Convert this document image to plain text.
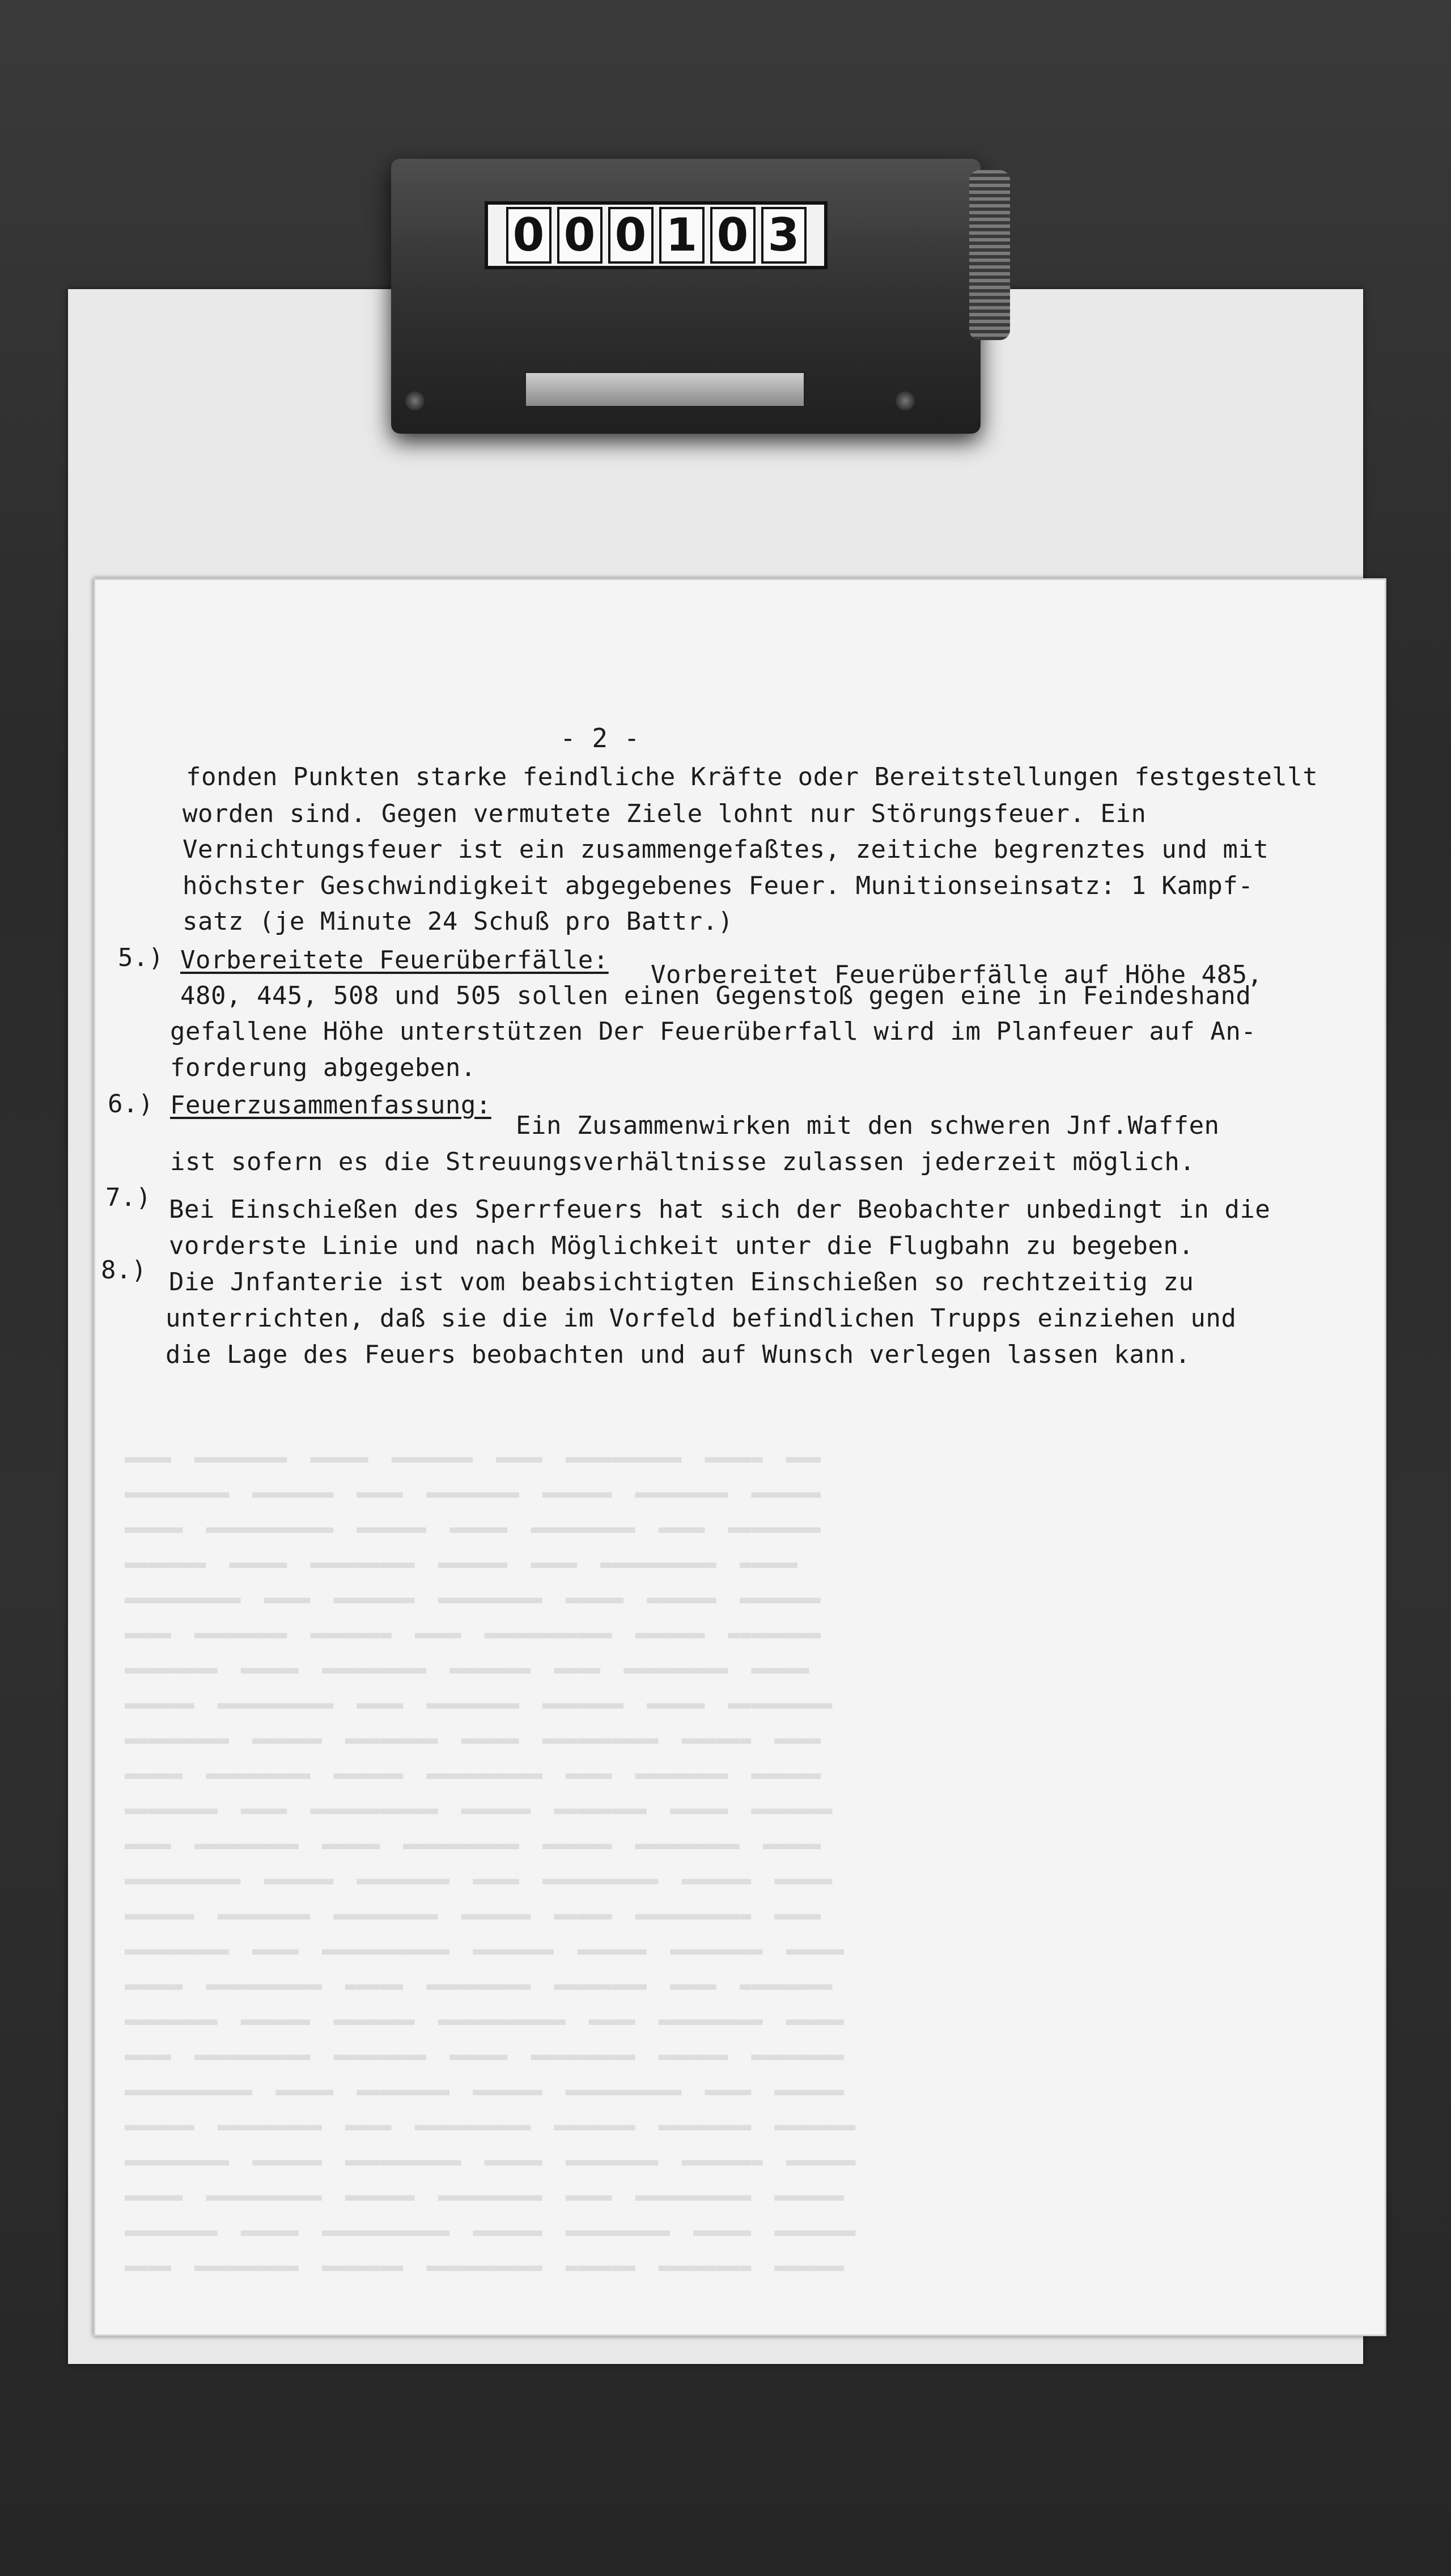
▬▬▬▬  ▬▬▬▬▬▬▬▬  ▬▬▬▬▬  ▬▬▬▬▬▬▬  ▬▬▬▬  ▬▬▬▬▬▬▬▬▬▬  ▬▬▬▬▬  ▬▬▬
▬▬▬▬▬▬▬▬▬  ▬▬▬▬▬▬▬  ▬▬▬▬  ▬▬▬▬▬▬▬▬  ▬▬▬▬▬▬  ▬▬▬▬▬▬▬▬  ▬▬▬▬▬▬
▬▬▬▬▬  ▬▬▬▬▬▬▬▬▬▬▬  ▬▬▬▬▬▬  ▬▬▬▬▬  ▬▬▬▬▬▬▬▬▬  ▬▬▬▬  ▬▬▬▬▬▬▬▬
▬▬▬▬▬▬▬  ▬▬▬▬▬  ▬▬▬▬▬▬▬▬▬  ▬▬▬▬▬▬  ▬▬▬▬  ▬▬▬▬▬▬▬▬▬▬  ▬▬▬▬▬
▬▬▬▬▬▬▬▬▬▬  ▬▬▬▬  ▬▬▬▬▬▬▬  ▬▬▬▬▬▬▬▬▬  ▬▬▬▬▬  ▬▬▬▬▬▬  ▬▬▬▬▬▬▬
▬▬▬▬  ▬▬▬▬▬▬▬▬  ▬▬▬▬▬▬▬  ▬▬▬▬  ▬▬▬▬▬▬▬▬▬▬▬  ▬▬▬▬▬▬  ▬▬▬▬▬▬▬▬
▬▬▬▬▬▬▬▬  ▬▬▬▬▬  ▬▬▬▬▬▬▬▬▬  ▬▬▬▬▬▬▬  ▬▬▬▬  ▬▬▬▬▬▬▬▬▬  ▬▬▬▬▬
▬▬▬▬▬▬  ▬▬▬▬▬▬▬▬▬▬  ▬▬▬▬  ▬▬▬▬▬▬▬▬  ▬▬▬▬▬▬▬  ▬▬▬▬▬  ▬▬▬▬▬▬▬▬▬
▬▬▬▬▬▬▬▬▬  ▬▬▬▬▬▬  ▬▬▬▬▬▬▬▬  ▬▬▬▬▬  ▬▬▬▬▬▬▬▬▬▬  ▬▬▬▬▬▬  ▬▬▬▬
▬▬▬▬▬  ▬▬▬▬▬▬▬▬▬  ▬▬▬▬▬▬  ▬▬▬▬▬▬▬▬▬▬  ▬▬▬▬  ▬▬▬▬▬▬▬▬  ▬▬▬▬▬▬
▬▬▬▬▬▬▬▬  ▬▬▬▬  ▬▬▬▬▬▬▬▬▬▬▬  ▬▬▬▬▬▬  ▬▬▬▬▬▬▬▬  ▬▬▬▬▬  ▬▬▬▬▬▬▬
▬▬▬▬  ▬▬▬▬▬▬▬▬▬  ▬▬▬▬▬  ▬▬▬▬▬▬▬▬▬▬  ▬▬▬▬▬▬  ▬▬▬▬▬▬▬▬▬  ▬▬▬▬▬
▬▬▬▬▬▬▬▬▬▬  ▬▬▬▬▬▬  ▬▬▬▬▬▬▬▬  ▬▬▬▬  ▬▬▬▬▬▬▬▬▬▬  ▬▬▬▬▬▬  ▬▬▬▬▬
▬▬▬▬▬▬  ▬▬▬▬▬▬▬▬  ▬▬▬▬▬▬▬▬▬  ▬▬▬▬▬▬  ▬▬▬▬▬  ▬▬▬▬▬▬▬▬▬▬  ▬▬▬▬
▬▬▬▬▬▬▬▬▬  ▬▬▬▬  ▬▬▬▬▬▬▬▬▬▬▬  ▬▬▬▬▬▬▬  ▬▬▬▬▬▬  ▬▬▬▬▬▬▬▬  ▬▬▬▬▬
▬▬▬▬▬  ▬▬▬▬▬▬▬▬▬▬  ▬▬▬▬▬  ▬▬▬▬▬▬▬▬▬  ▬▬▬▬▬▬▬▬  ▬▬▬▬  ▬▬▬▬▬▬▬▬
▬▬▬▬▬▬▬▬  ▬▬▬▬▬▬  ▬▬▬▬▬▬▬  ▬▬▬▬▬▬▬▬▬▬▬  ▬▬▬▬  ▬▬▬▬▬▬▬▬▬  ▬▬▬▬▬
▬▬▬▬  ▬▬▬▬▬▬▬▬▬▬  ▬▬▬▬▬▬▬▬  ▬▬▬▬▬  ▬▬▬▬▬▬▬▬▬  ▬▬▬▬▬▬  ▬▬▬▬▬▬▬▬
▬▬▬▬▬▬▬▬▬▬▬  ▬▬▬▬▬  ▬▬▬▬▬▬▬▬  ▬▬▬▬▬▬  ▬▬▬▬▬▬▬▬▬▬  ▬▬▬▬  ▬▬▬▬▬▬
▬▬▬▬▬▬  ▬▬▬▬▬▬▬▬▬  ▬▬▬▬  ▬▬▬▬▬▬▬▬▬▬  ▬▬▬▬▬▬▬  ▬▬▬▬▬▬▬▬  ▬▬▬▬▬▬▬
▬▬▬▬▬▬▬▬▬  ▬▬▬▬▬▬  ▬▬▬▬▬▬▬▬▬▬  ▬▬▬▬▬  ▬▬▬▬▬▬▬▬  ▬▬▬▬▬▬▬  ▬▬▬▬▬▬
▬▬▬▬▬  ▬▬▬▬▬▬▬▬▬▬  ▬▬▬▬▬▬  ▬▬▬▬▬▬▬▬▬  ▬▬▬▬  ▬▬▬▬▬▬▬▬▬▬  ▬▬▬▬▬▬
▬▬▬▬▬▬▬▬  ▬▬▬▬▬  ▬▬▬▬▬▬▬▬▬▬▬  ▬▬▬▬▬▬  ▬▬▬▬▬▬▬▬▬  ▬▬▬▬▬  ▬▬▬▬▬▬▬
▬▬▬▬  ▬▬▬▬▬▬▬▬▬  ▬▬▬▬▬▬▬  ▬▬▬▬▬▬▬▬▬▬  ▬▬▬▬▬▬  ▬▬▬▬▬▬▬▬  ▬▬▬▬▬▬

0 0 0 1 0 3
- 2 -
fonden Punkten starke feindliche Kräfte oder Bereitstellungen festgestellt
worden sind. Gegen vermutete Ziele lohnt nur Störungsfeuer. Ein
Vernichtungsfeuer ist ein zusammengefaßtes, zeitiche begrenztes und mit
höchster Geschwindigkeit abgegebenes Feuer. Munitionseinsatz: 1 Kampf-
satz (je Minute 24 Schuß pro Battr.)
5.) Vorbereitete Feuerüberfälle:
Vorbereitet Feuerüberfälle auf Höhe 485,
480, 445, 508 und 505 sollen einen Gegenstoß gegen eine in Feindeshand
gefallene Höhe unterstützen Der Feuerüberfall wird im Planfeuer auf An-
forderung abgegeben.
6.) Feuerzusammenfassung:
Ein Zusammenwirken mit den schweren Jnf.Waffen
ist sofern es die Streuungsverhältnisse zulassen jederzeit möglich.
7.) Bei Einschießen des Sperrfeuers hat sich der Beobachter unbedingt in die
vorderste Linie und nach Möglichkeit unter die Flugbahn zu begeben.
8.) Die Jnfanterie ist vom beabsichtigten Einschießen so rechtzeitig zu
unterrichten, daß sie die im Vorfeld befindlichen Trupps einziehen und
die Lage des Feuers beobachten und auf Wunsch verlegen lassen kann.
